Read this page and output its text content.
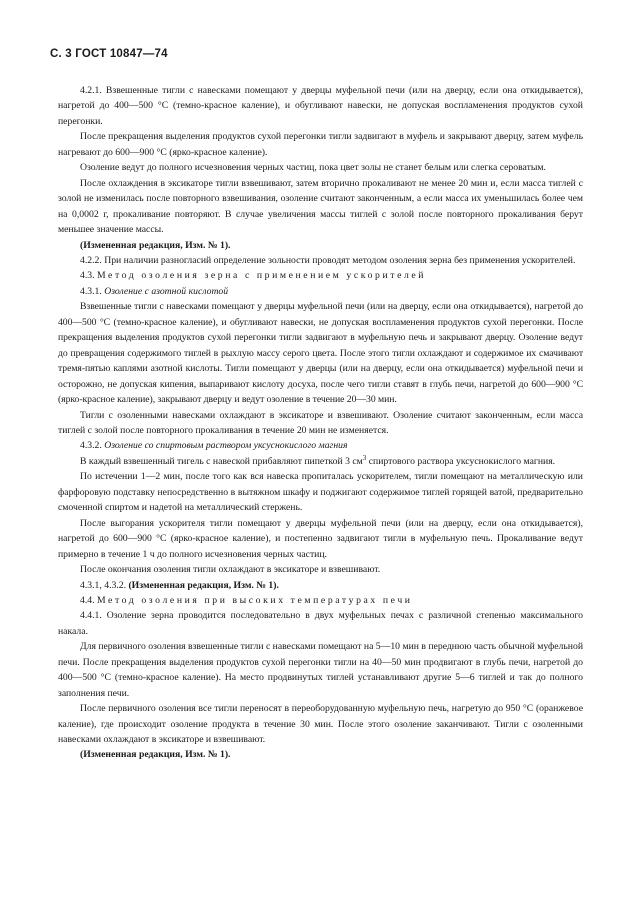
С. 3 ГОСТ 10847—74

4.2.1. Взвешенные тигли с навесками помещают у дверцы муфельной печи (или на дверцу, если она откидывается), нагретой до 400—500 °С (темно-красное каление), и обугливают навески, не допуская воспламенения продуктов сухой перегонки.

После прекращения выделения продуктов сухой перегонки тигли задвигают в муфель и закрывают дверцу, затем муфель нагревают до 600—900 °С (ярко-красное каление).

Озоление ведут до полного исчезновения черных частиц, пока цвет золы не станет белым или слегка сероватым.

После охлаждения в эксикаторе тигли взвешивают, затем вторично прокаливают не менее 20 мин и, если масса тиглей с золой не изменилась после повторного взвешивания, озоление считают законченным, а если масса их уменьшилась более чем на 0,0002 г, прокаливание повторяют. В случае увеличения массы тиглей с золой после повторного прокаливания берут меньшее значение массы.

(Измененная редакция, Изм. № 1).

4.2.2. При наличии разногласий определение зольности проводят методом озоления зерна без применения ускорителей.

4.3. Метод озоления зерна с применением ускорителей

4.3.1. Озоление с азотной кислотой

Взвешенные тигли с навесками помещают у дверцы муфельной печи (или на дверцу, если она откидывается), нагретой до 400—500 °С (темно-красное каление), и обугливают навески, не допуская воспламенения продуктов сухой перегонки. После прекращения выделения продуктов сухой перегонки тигли задвигают в муфельную печь и закрывают дверцу. Озоление ведут до превращения содержимого тиглей в рыхлую массу серого цвета. После этого тигли охлаждают и содержимое их смачивают тремя-пятью каплями азотной кислоты. Тигли помещают у дверцы (или на дверцу, если она откидывается) муфельной печи и осторожно, не допуская кипения, выпаривают кислоту досуха, после чего тигли ставят в глубь печи, нагретой до 600—900 °С (ярко-красное каление), закрывают дверцу и ведут озоление в течение 20—30 мин.

Тигли с озоленными навесками охлаждают в эксикаторе и взвешивают. Озоление считают законченным, если масса тиглей с золой после повторного прокаливания в течение 20 мин не изменяется.

4.3.2. Озоление со спиртовым раствором уксуснокислого магния

В каждый взвешенный тигель с навеской прибавляют пипеткой 3 $см^3$ спиртового раствора уксуснокислого магния.

По истечении 1—2 мин, после того как вся навеска пропиталась ускорителем, тигли помещают на металлическую или фарфоровую подставку непосредственно в вытяжном шкафу и поджигают содержимое тиглей горящей ватой, предварительно смоченной спиртом и надетой на металлический стержень.

После выгорания ускорителя тигли помещают у дверцы муфельной печи (или на дверцу, если она откидывается), нагретой до 600—900 °С (ярко-красное каление), и постепенно задвигают тигли в муфельную печь. Прокаливание ведут примерно в течение 1 ч до полного исчезновения черных частиц.

После окончания озоления тигли охлаждают в эксикаторе и взвешивают.

4.3.1, 4.3.2. (Измененная редакция, Изм. № 1).

4.4. Метод озоления при высоких температурах печи

4.4.1. Озоление зерна проводится последовательно в двух муфельных печах с различной степенью максимального накала.

Для первичного озоления взвешенные тигли с навесками помещают на 5—10 мин в переднюю часть обычной муфельной печи. После прекращения выделения продуктов сухой перегонки тигли на 40—50 мин продвигают в глубь печи, нагретой до 400—500 °С (темно-красное каление). На место продвинутых тиглей устанавливают другие 5—6 тиглей и так до полного заполнения печи.

После первичного озоления все тигли переносят в переоборудованную муфельную печь, нагретую до 950 °С (оранжевое каление), где происходит озоление продукта в течение 30 мин. После этого озоление заканчивают. Тигли с озоленными навесками охлаждают в эксикаторе и взвешивают.

(Измененная редакция, Изм. № 1).
